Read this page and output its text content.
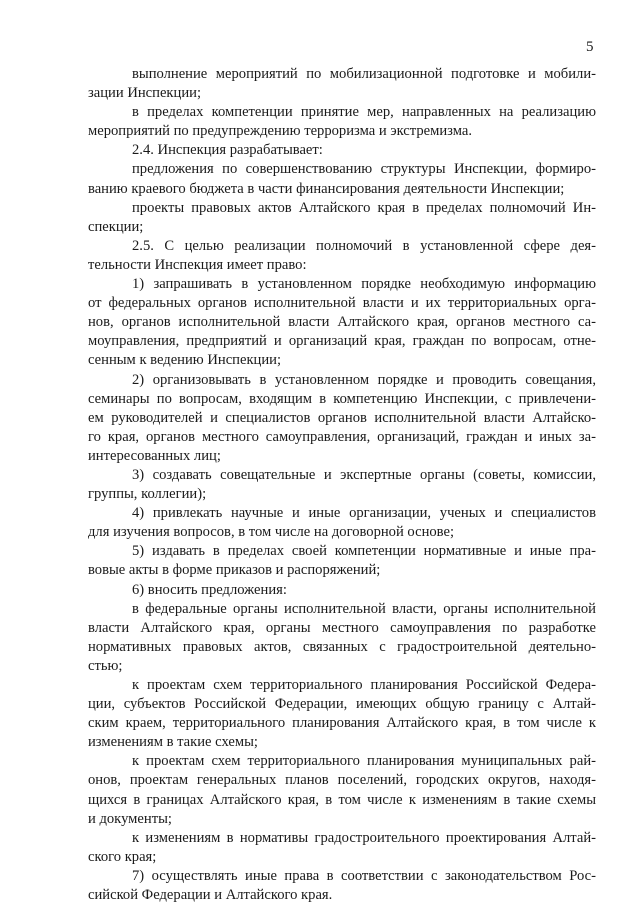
5
выполнение мероприятий по мобилизационной подготовке и мобили-
зации Инспекции;
в пределах компетенции принятие мер, направленных на реализацию
мероприятий по предупреждению терроризма и экстремизма.
2.4. Инспекция разрабатывает:
предложения по совершенствованию структуры Инспекции, формиро-
ванию краевого бюджета в части финансирования деятельности Инспекции;
проекты правовых актов Алтайского края в пределах полномочий Ин-
спекции;
2.5. С целью реализации полномочий в установленной сфере дея-
тельности Инспекция имеет право:
1) запрашивать в установленном порядке необходимую информацию
от федеральных органов исполнительной власти и их территориальных орга-
нов, органов исполнительной власти Алтайского края, органов местного са-
моуправления, предприятий и организаций края, граждан по вопросам, отне-
сенным к ведению Инспекции;
2) организовывать в установленном порядке и проводить совещания,
семинары по вопросам, входящим в компетенцию Инспекции, с привлечени-
ем руководителей и специалистов органов исполнительной власти Алтайско-
го края, органов местного самоуправления, организаций, граждан и иных за-
интересованных лиц;
3) создавать совещательные и экспертные органы (советы, комиссии,
группы, коллегии);
4) привлекать научные и иные организации, ученых и специалистов
для изучения вопросов, в том числе на договорной основе;
5) издавать в пределах своей компетенции нормативные и иные пра-
вовые акты в форме приказов и распоряжений;
6) вносить предложения:
в федеральные органы исполнительной власти, органы исполнительной
власти Алтайского края, органы местного самоуправления по разработке
нормативных правовых актов, связанных с градостроительной деятельно-
стью;
к проектам схем территориального планирования Российской Федера-
ции, субъектов Российской Федерации, имеющих общую границу с Алтай-
ским краем, территориального планирования Алтайского края, в том числе к
изменениям в такие схемы;
к проектам схем территориального планирования муниципальных рай-
онов, проектам генеральных планов поселений, городских округов, находя-
щихся в границах Алтайского края, в том числе к изменениям в такие схемы
и документы;
к изменениям в нормативы градостроительного проектирования Алтай-
ского края;
7) осуществлять иные права в соответствии с законодательством Рос-
сийской Федерации и Алтайского края.
